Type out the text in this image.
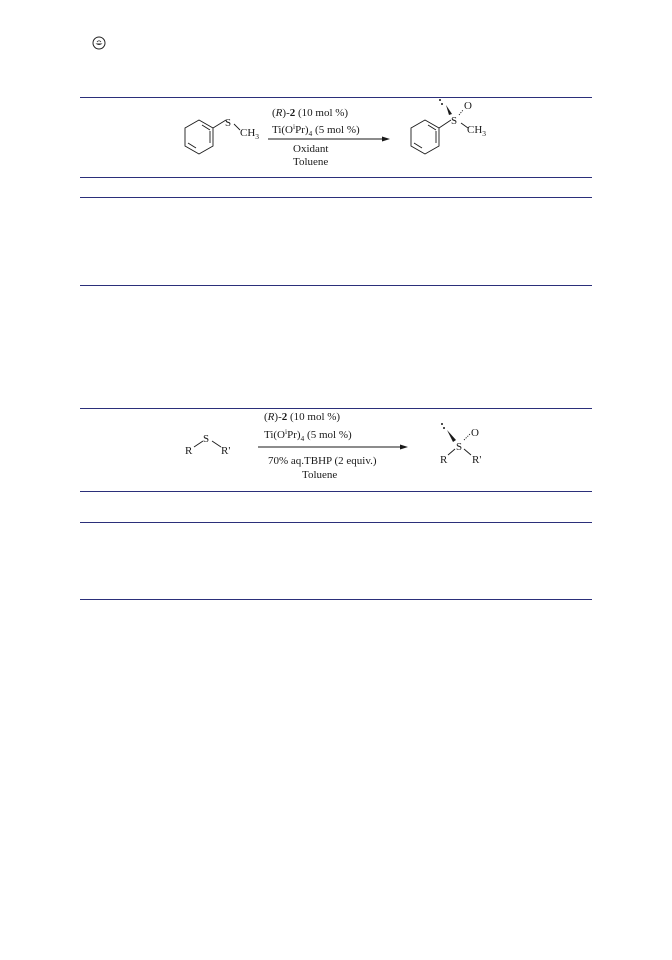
S
$CH_3$
(R)-2 (10 mol %)
$Ti(O^iPr)_4$ (5 mol %)
Oxidant
Toluene
S
O
$CH_3$
R
S
R'
(R)-2 (10 mol %)
$Ti(O^iPr)_4$ (5 mol %)
70% aq.TBHP (2 equiv.)
Toluene
S
O
R R'
